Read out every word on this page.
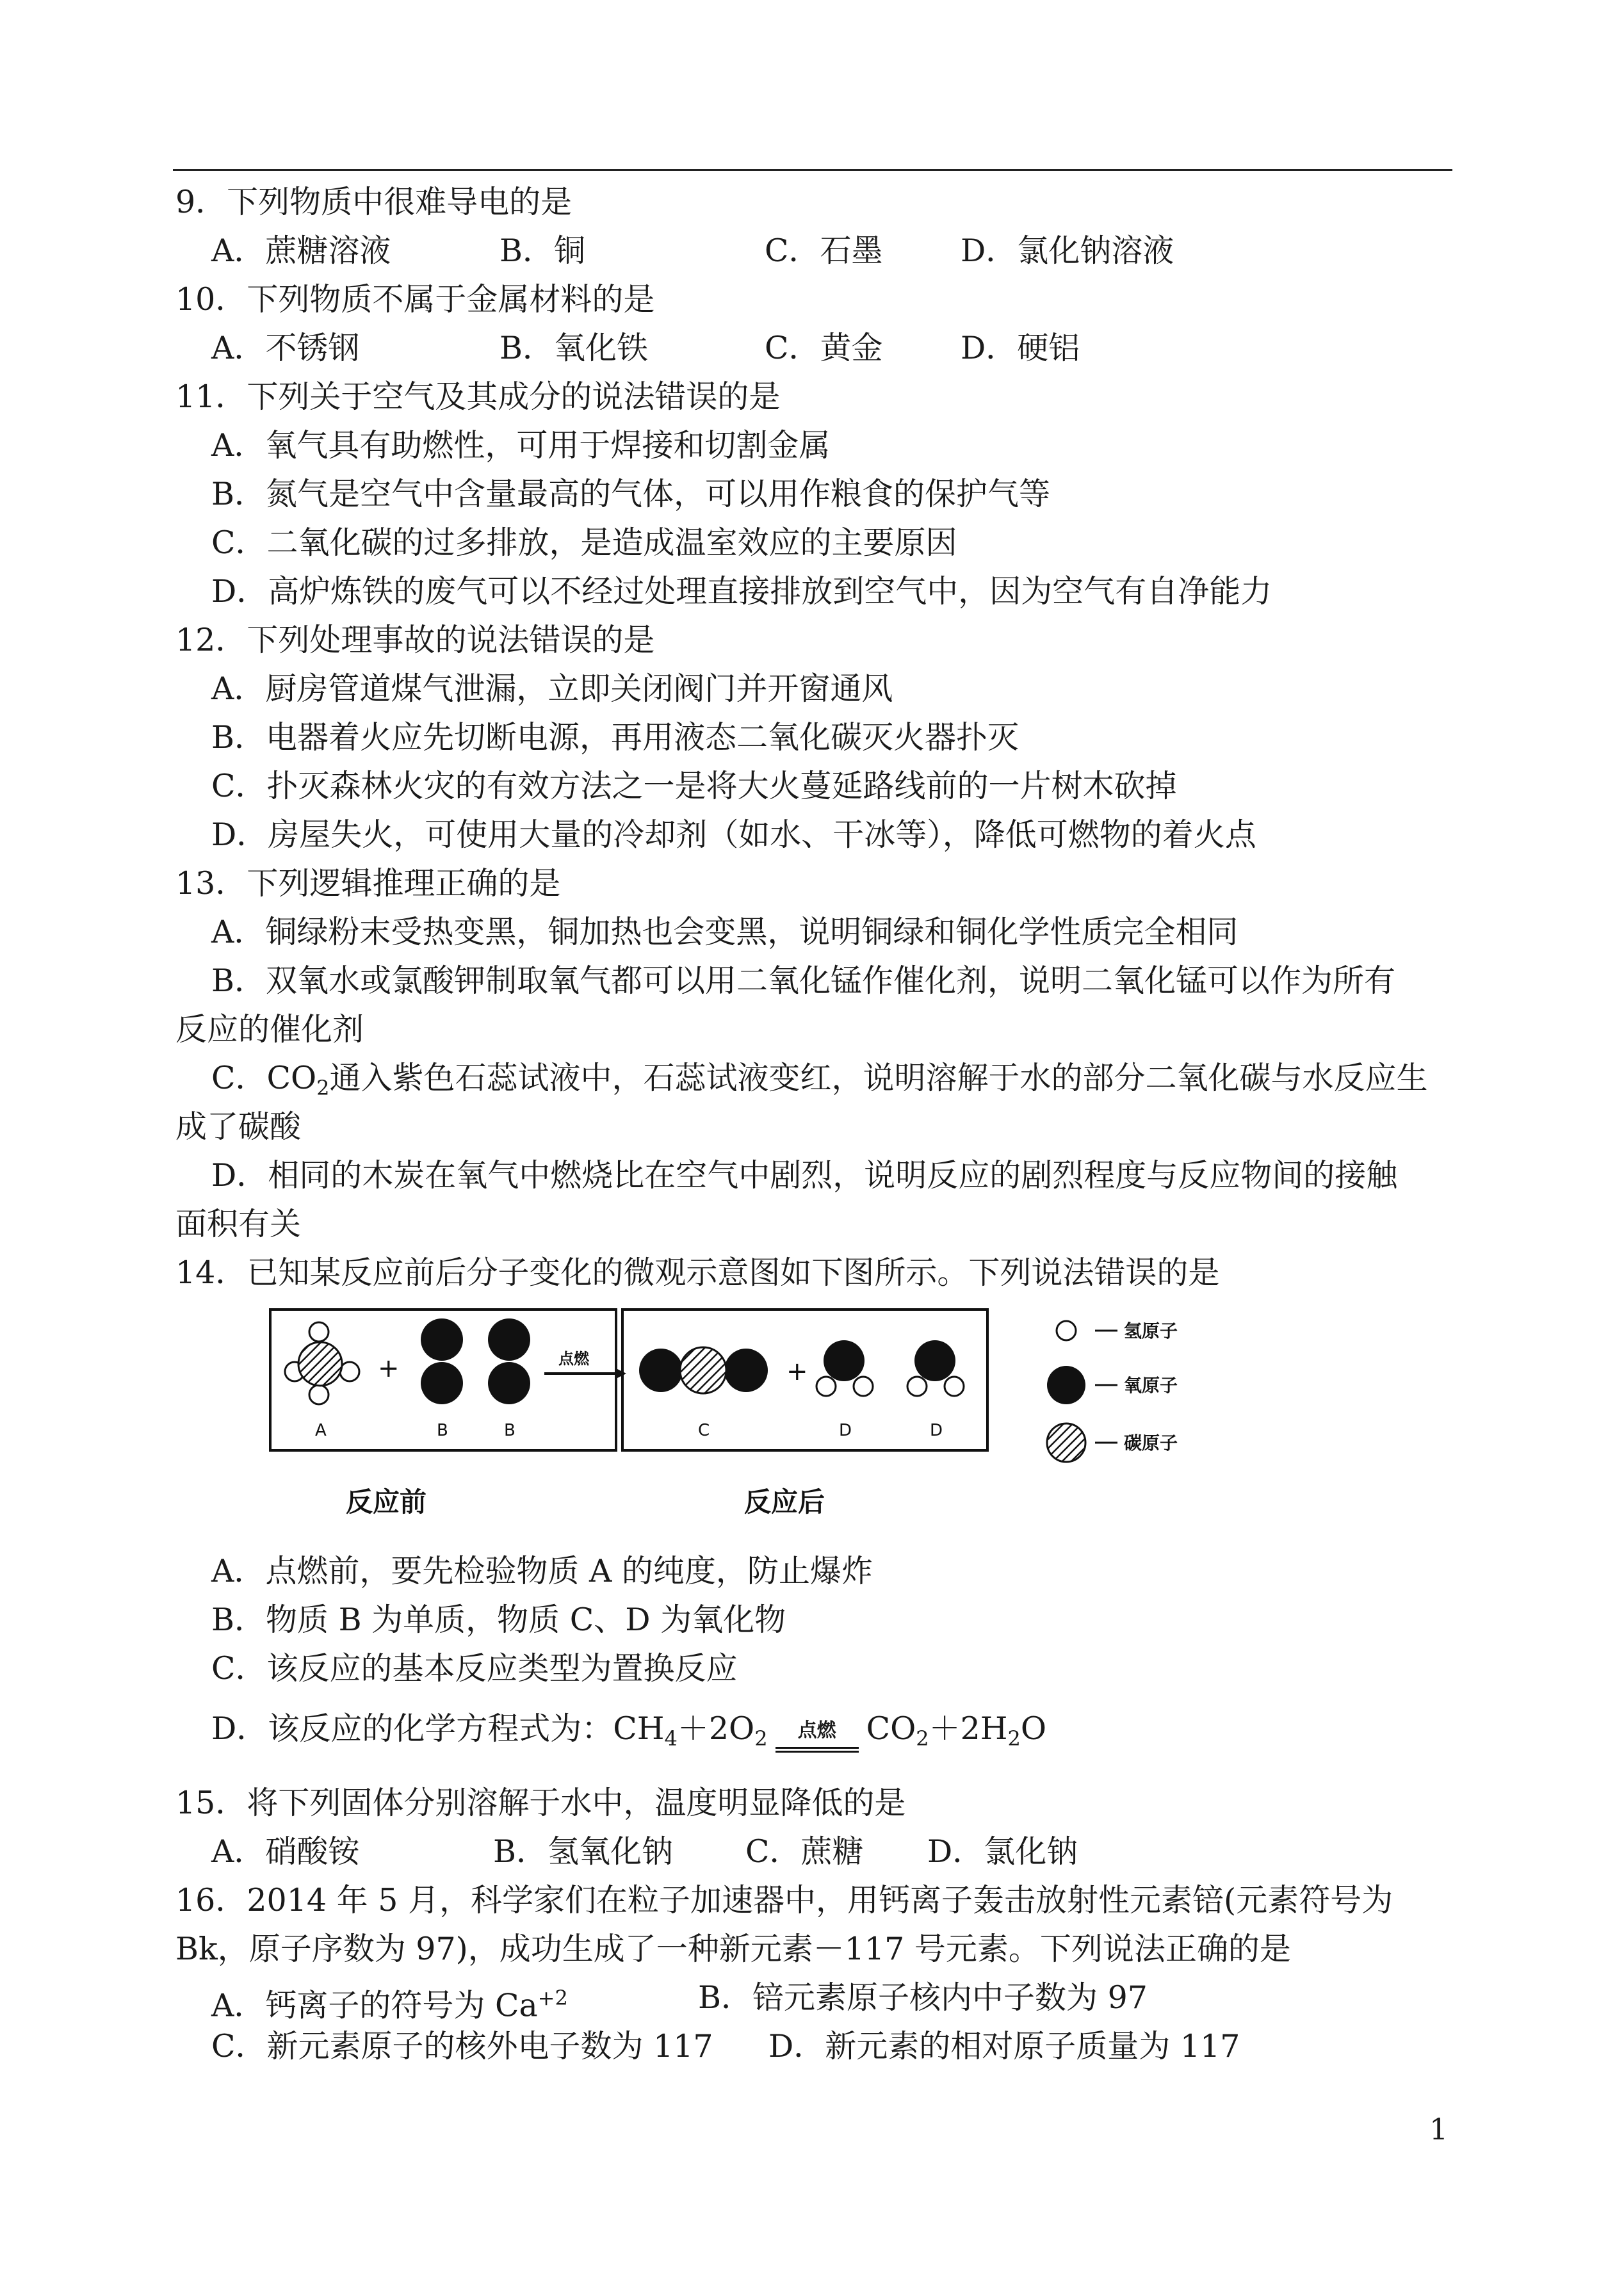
9．下列物质中很难导电的是
A．蔗糖溶液	B．铜	C．石墨 D．氯化钠溶液
10．下列物质不属于金属材料的是
A．不锈钢	B．氧化铁	C．黄金 D．硬铝
11．下列关于空气及其成分的说法错误的是
A．氧气具有助燃性，可用于焊接和切割金属
B．氮气是空气中含量最高的气体，可以用作粮食的保护气等
C．二氧化碳的过多排放，是造成温室效应的主要原因
D．高炉炼铁的废气可以不经过处理直接排放到空气中，因为空气有自净能力
12．下列处理事故的说法错误的是
A．厨房管道煤气泄漏，立即关闭阀门并开窗通风
B．电器着火应先切断电源，再用液态二氧化碳灭火器扑灭
C．扑灭森林火灾的有效方法之一是将大火蔓延路线前的一片树木砍掉
D．房屋失火，可使用大量的冷却剂（如水、干冰等），降低可燃物的着火点
13．下列逻辑推理正确的是
A．铜绿粉末受热变黑，铜加热也会变黑，说明铜绿和铜化学性质完全相同
B．双氧水或氯酸钾制取氧气都可以用二氧化锰作催化剂，说明二氧化锰可以作为所有
反应的催化剂
C．$CO_2$通入紫色石蕊试液中，石蕊试液变红，说明溶解于水的部分二氧化碳与水反应生
成了碳酸
D．相同的木炭在氧气中燃烧比在空气中剧烈，说明反应的剧烈程度与反应物间的接触
面积有关
14．已知某反应前后分子变化的微观示意图如下图所示。下列说法错误的是
+
A	B	B
点燃	+
C	D	D
反应前	反应后
氢原子
氧原子
碳原子
A．点燃前，要先检验物质 A 的纯度，防止爆炸
B．物质 B 为单质，物质 C、D 为氧化物
C．该反应的基本反应类型为置换反应
D．该反应的化学方程式为：$CH_4+2O_2$ 点燃 $CO_2+2H_2O$
15．将下列固体分别溶解于水中，温度明显降低的是
A．硝酸铵	B．氢氧化钠 C．蔗糖 D．氯化钠
16．2014 年 5 月，科学家们在粒子加速器中，用钙离子轰击放射性元素锫(元素符号为
Bk，原子序数为 97)，成功生成了一种新元素－117 号元素。下列说法正确的是
A．钙离子的符号为 $Ca^{+2}$	B．锫元素原子核内中子数为 97
C．新元素原子的核外电子数为 117 D．新元素的相对原子质量为 117
1
